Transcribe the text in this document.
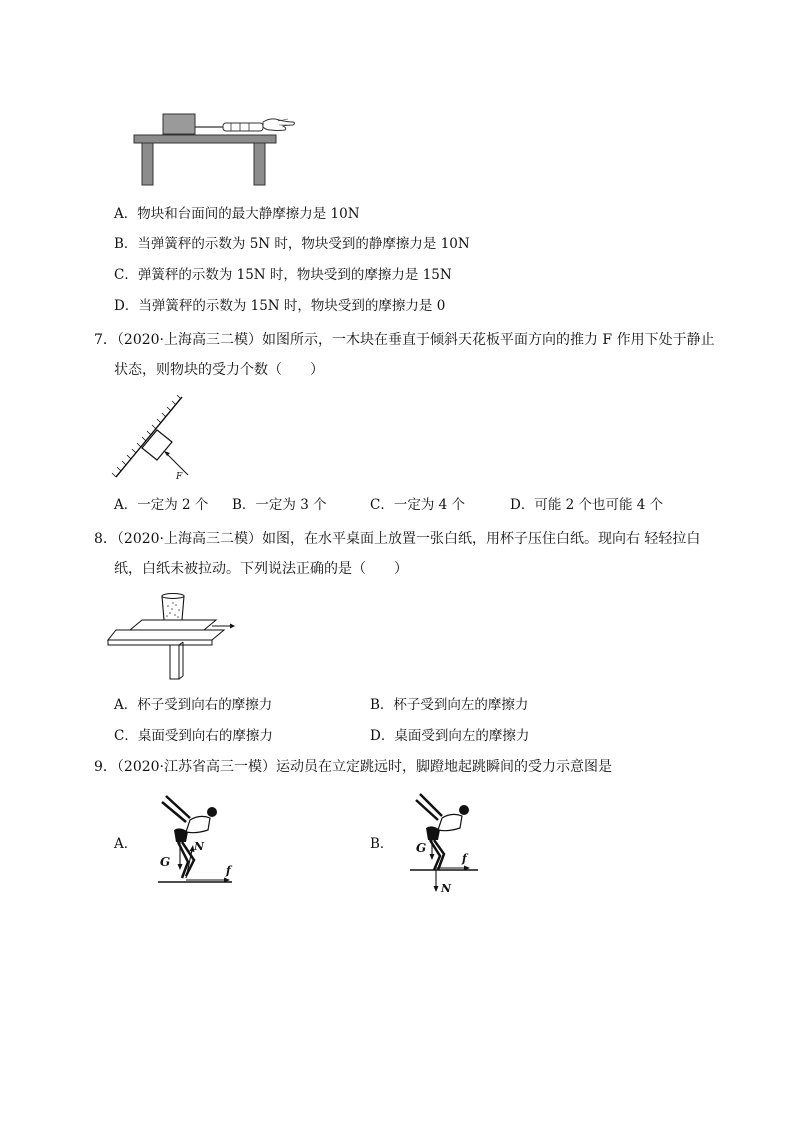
A．物块和台面间的最大静摩擦力是 10N
B．当弹簧秤的示数为 5N 时，物块受到的静摩擦力是 10N
C．弹簧秤的示数为 15N 时，物块受到的摩擦力是 15N
D．当弹簧秤的示数为 15N 时，物块受到的摩擦力是 0
7．（2020·上海高三二模）如图所示，一木块在垂直于倾斜天花板平面方向的推力 F 作用下处于静止
状态，则物块的受力个数（　　）
F
A．一定为 2 个 B．一定为 3 个	C．一定为 4 个	D．可能 2 个也可能 4 个
8．（2020·上海高三二模）如图，在水平桌面上放置一张白纸，用杯子压住白纸。现向右 轻轻拉白
纸，白纸未被拉动。下列说法正确的是（　　）
A．杯子受到向右的摩擦力	B．杯子受到向左的摩擦力
C．桌面受到向右的摩擦力	D．桌面受到向左的摩擦力
9．（2020·江苏省高三一模）运动员在立定跳远时，脚蹬地起跳瞬间的受力示意图是
A．	B．
G
N
f
G
f
N
